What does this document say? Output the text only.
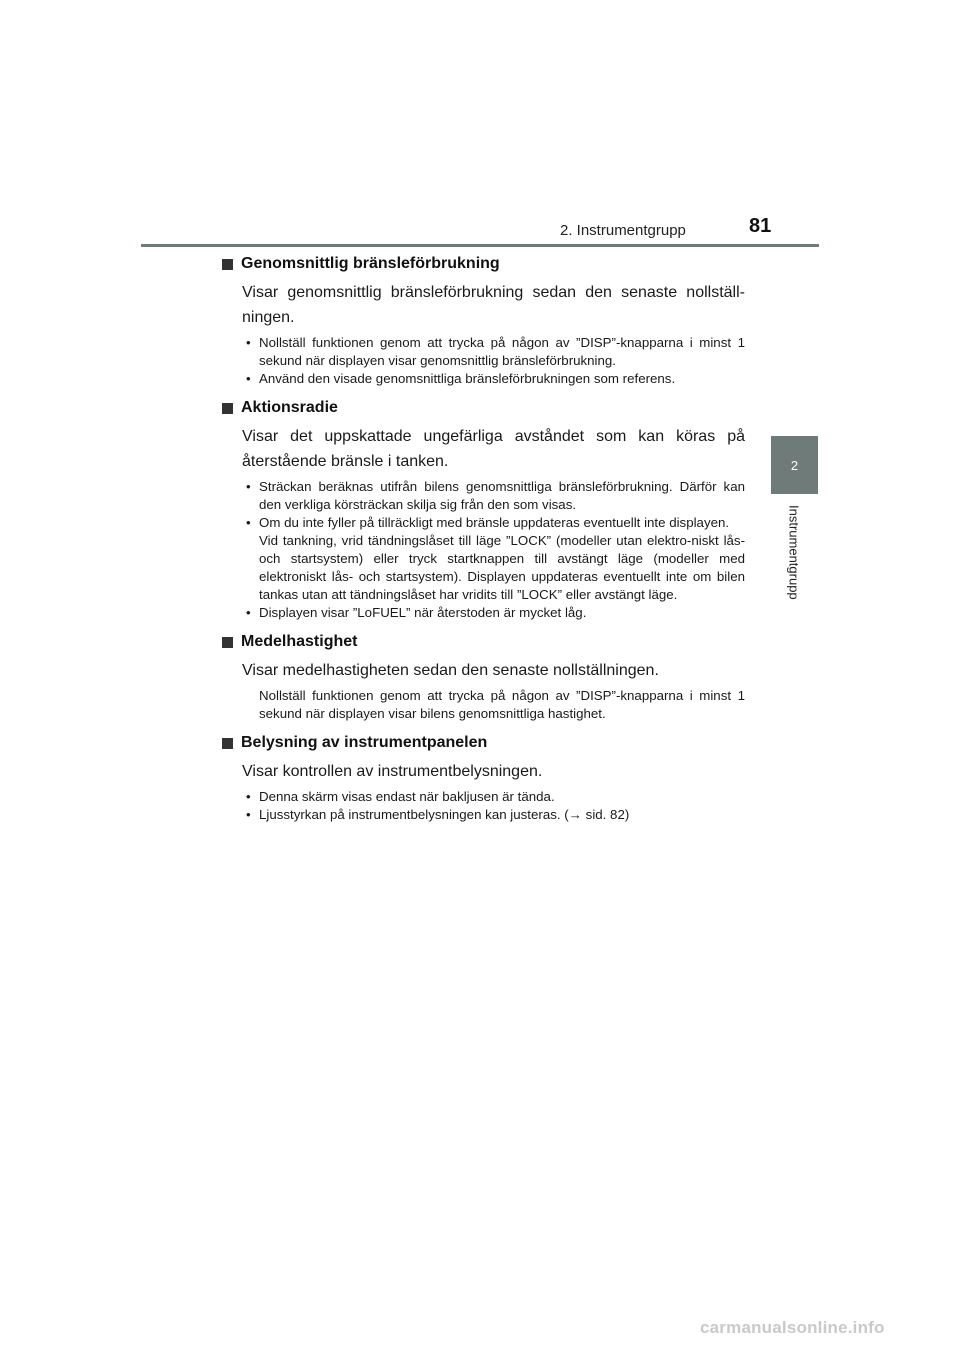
2. Instrumentgrupp	81
2
Instrumentgrupp
Genomsnittlig bränsleförbrukning

Visar genomsnittlig bränsleförbrukning sedan den senaste nollställ-ningen.

• Nollställ funktionen genom att trycka på någon av ”DISP”-knapparna i minst 1 sekund när displayen visar genomsnittlig bränsleförbrukning.
• Använd den visade genomsnittliga bränsleförbrukningen som referens.
Aktionsradie

Visar det uppskattade ungefärliga avståndet som kan köras på återstående bränsle i tanken.

• Sträckan beräknas utifrån bilens genomsnittliga bränsleförbrukning. Därför kan den verkliga körsträckan skilja sig från den som visas.
• Om du inte fyller på tillräckligt med bränsle uppdateras eventuellt inte displayen.
Vid tankning, vrid tändningslåset till läge ”LOCK” (modeller utan elektro-niskt lås- och startsystem) eller tryck startknappen till avstängt läge (modeller med elektroniskt lås- och startsystem). Displayen uppdateras eventuellt inte om bilen tankas utan att tändningslåset har vridits till ”LOCK” eller avstängt läge.
• Displayen visar ”LoFUEL” när återstoden är mycket låg.
Medelhastighet

Visar medelhastigheten sedan den senaste nollställningen.

Nollställ funktionen genom att trycka på någon av ”DISP”-knapparna i minst 1 sekund när displayen visar bilens genomsnittliga hastighet.

Belysning av instrumentpanelen

Visar kontrollen av instrumentbelysningen.

• Denna skärm visas endast när bakljusen är tända.
• Ljusstyrkan på instrumentbelysningen kan justeras. (→ sid. 82)
carmanualsonline.info
